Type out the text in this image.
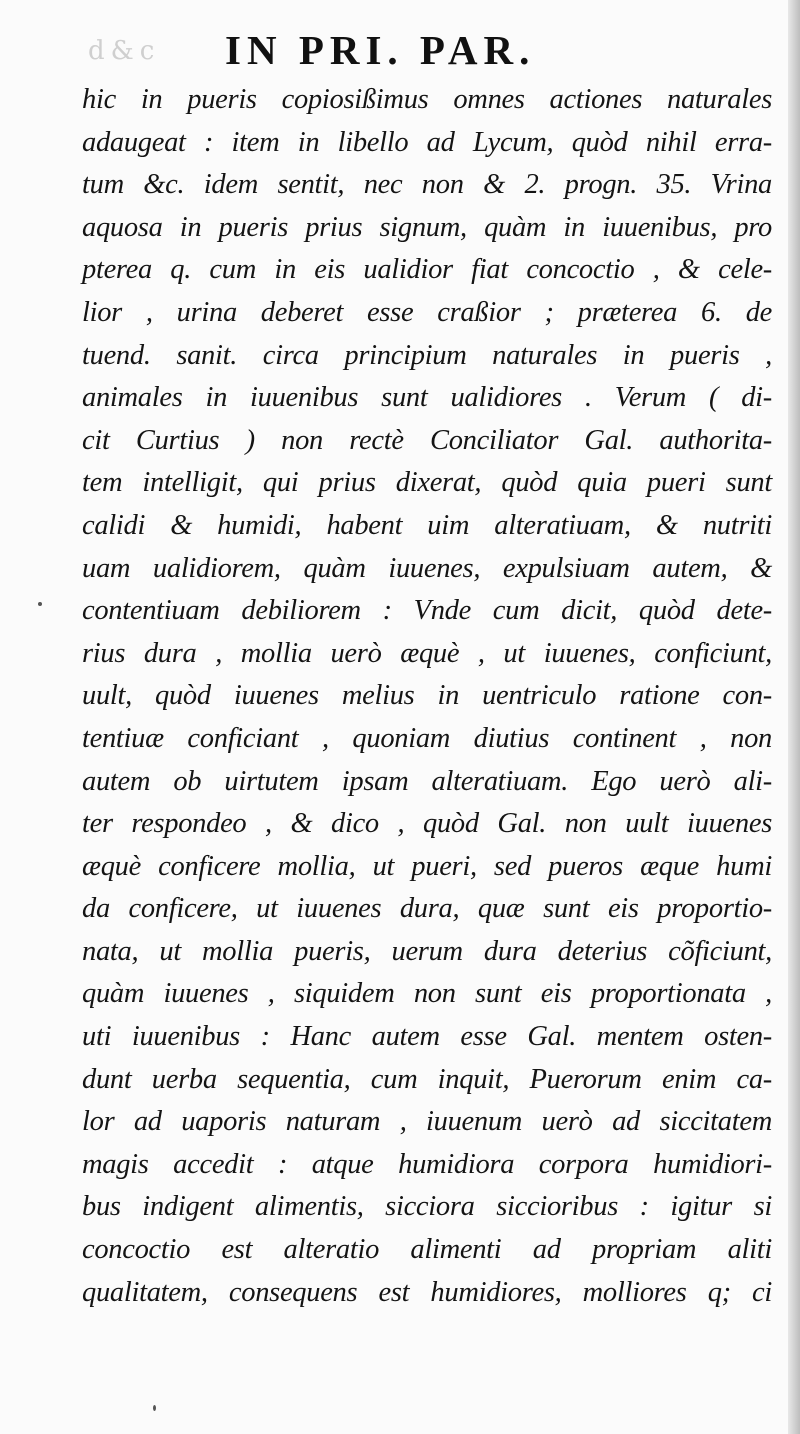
d&c IN PRI. PAR.
hic in pueris copiosißimus omnes actiones naturales
adaugeat : item in libello ad Lycum, quòd nihil erra-
tum &c. idem sentit, nec non & 2. progn. 35. Vrina
aquosa in pueris prius signum, quàm in iuuenibus, pro
pterea q. cum in eis ualidior fiat concoctio , & cele-
lior , urina deberet esse craßior ; præterea 6. de
tuend. sanit. circa principium naturales in pueris ,
animales in iuuenibus sunt ualidiores . Verum ( di-
cit Curtius ) non rectè Conciliator Gal. authorita-
tem intelligit, qui prius dixerat, quòd quia pueri sunt
calidi & humidi, habent uim alteratiuam, & nutriti
uam ualidiorem, quàm iuuenes, expulsiuam autem, &
contentiuam debiliorem : Vnde cum dicit, quòd dete-
rius dura , mollia uerò æquè , ut iuuenes, conficiunt,
uult, quòd iuuenes melius in uentriculo ratione con-
tentiuæ conficiant , quoniam diutius continent , non
autem ob uirtutem ipsam alteratiuam. Ego uerò ali-
ter respondeo , & dico , quòd Gal. non uult iuuenes
æquè conficere mollia, ut pueri, sed pueros æque humi
da conficere, ut iuuenes dura, quæ sunt eis proportio-
nata, ut mollia pueris, uerum dura deterius cõficiunt,
quàm iuuenes , siquidem non sunt eis proportionata ,
uti iuuenibus : Hanc autem esse Gal. mentem osten-
dunt uerba sequentia, cum inquit, Puerorum enim ca-
lor ad uaporis naturam , iuuenum uerò ad siccitatem
magis accedit : atque humidiora corpora humidiori-
bus indigent alimentis, sicciora siccioribus : igitur si
concoctio est alteratio alimenti ad propriam aliti
qualitatem, consequens est humidiores, molliores q; ci
